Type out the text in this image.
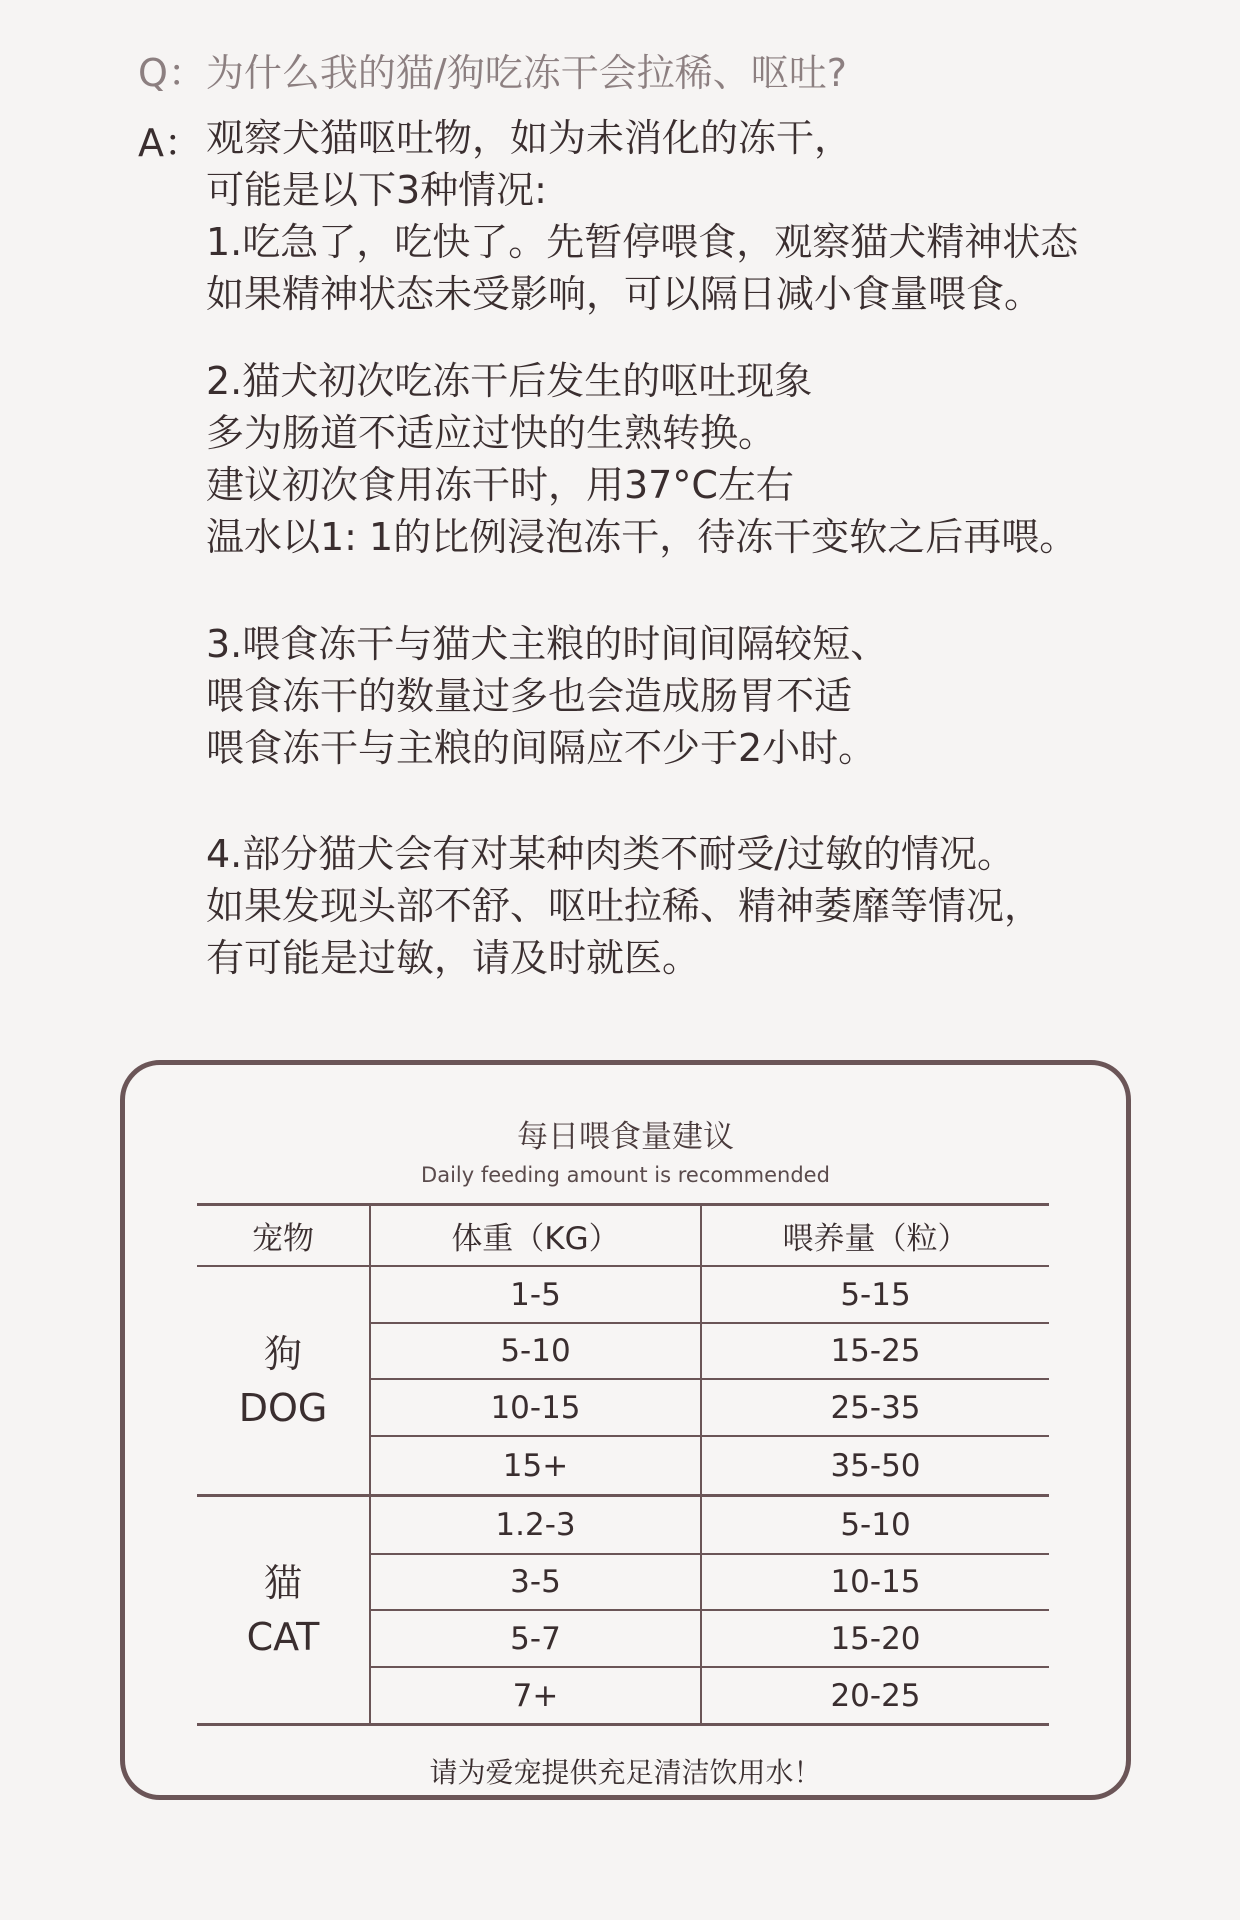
Q：为什么我的猫/狗吃冻干会拉稀、呕吐?
A： 观察犬猫呕吐物，如为未消化的冻干，
可能是以下3种情况:
1.吃急了，吃快了。先暂停喂食，观察猫犬精神状态
如果精神状态未受影响，可以隔日减小食量喂食。
2.猫犬初次吃冻干后发生的呕吐现象
多为肠道不适应过快的生熟转换。
建议初次食用冻干时，用37°C左右
温水以1: 1的比例浸泡冻干，待冻干变软之后再喂。
3.喂食冻干与猫犬主粮的时间间隔较短、
喂食冻干的数量过多也会造成肠胃不适
喂食冻干与主粮的间隔应不少于2小时。
4.部分猫犬会有对某种肉类不耐受/过敏的情况。
如果发现头部不舒、呕吐拉稀、精神萎靡等情况，
有可能是过敏，请及时就医。
每日喂食量建议
Daily feeding amount is recommended
宠物	体重（KG）	喂养量（粒）
狗
DOG
1-5	5-15
5-10	15-25
10-15	25-35
15+	35-50
猫
CAT
1.2-3	5-10
3-5	10-15
5-7	15-20
7+	20-25
请为爱宠提供充足清洁饮用水！
